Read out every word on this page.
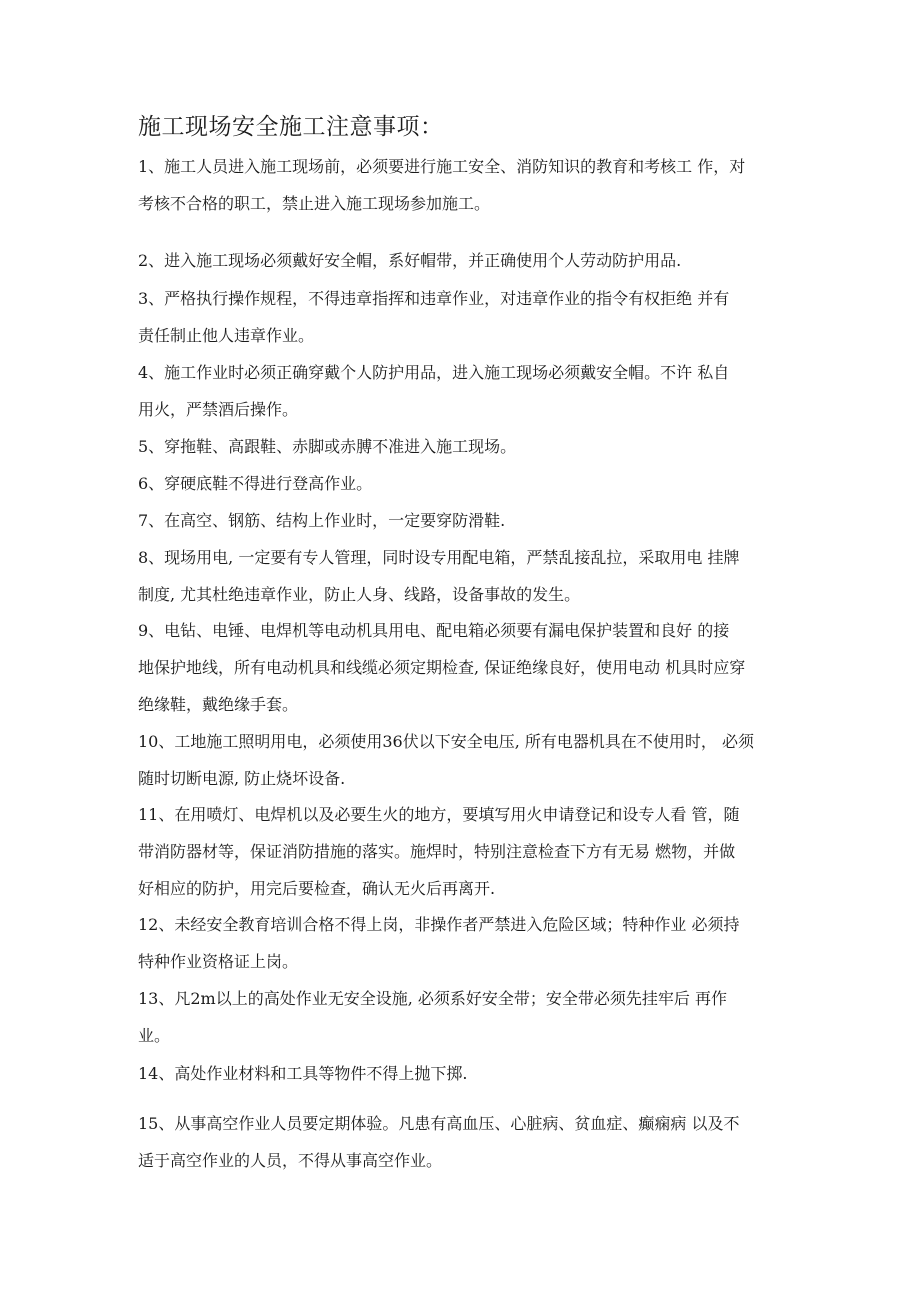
施工现场安全施工注意事项：
1、施工人员进入施工现场前，必须要进行施工安全、消防知识的教育和考核工 作，对
考核不合格的职工，禁止进入施工现场参加施工。
2、进入施工现场必须戴好安全帽，系好帽带，并正确使用个人劳动防护用品.
3、严格执行操作规程，不得违章指挥和违章作业，对违章作业的指令有权拒绝 并有
责任制止他人违章作业。
4、施工作业时必须正确穿戴个人防护用品，进入施工现场必须戴安全帽。不许 私自
用火，严禁酒后操作。
5、穿拖鞋、高跟鞋、赤脚或赤膊不准进入施工现场。
6、穿硬底鞋不得进行登高作业。
7、在高空、钢筋、结构上作业时，一定要穿防滑鞋.
8、现场用电, 一定要有专人管理，同时设专用配电箱，严禁乱接乱拉，采取用电 挂牌
制度, 尤其杜绝违章作业，防止人身、线路，设备事故的发生。
9、电钻、电锤、电焊机等电动机具用电、配电箱必须要有漏电保护装置和良好 的接
地保护地线，所有电动机具和线缆必须定期检查, 保证绝缘良好，使用电动 机具时应穿
绝缘鞋，戴绝缘手套。
10、工地施工照明用电，必须使用36伏以下安全电压, 所有电器机具在不使用时， 必须
随时切断电源, 防止烧坏设备.
11、在用喷灯、电焊机以及必要生火的地方，要填写用火申请登记和设专人看 管，随
带消防器材等，保证消防措施的落实。施焊时，特别注意检查下方有无易 燃物，并做
好相应的防护，用完后要检查，确认无火后再离开.
12、未经安全教育培训合格不得上岗，非操作者严禁进入危险区域；特种作业 必须持
特种作业资格证上岗。
13、凡2m以上的高处作业无安全设施, 必须系好安全带；安全带必须先挂牢后 再作
业。
14、高处作业材料和工具等物件不得上抛下掷.
15、从事高空作业人员要定期体验。凡患有高血压、心脏病、贫血症、癫痫病 以及不
适于高空作业的人员，不得从事高空作业。
